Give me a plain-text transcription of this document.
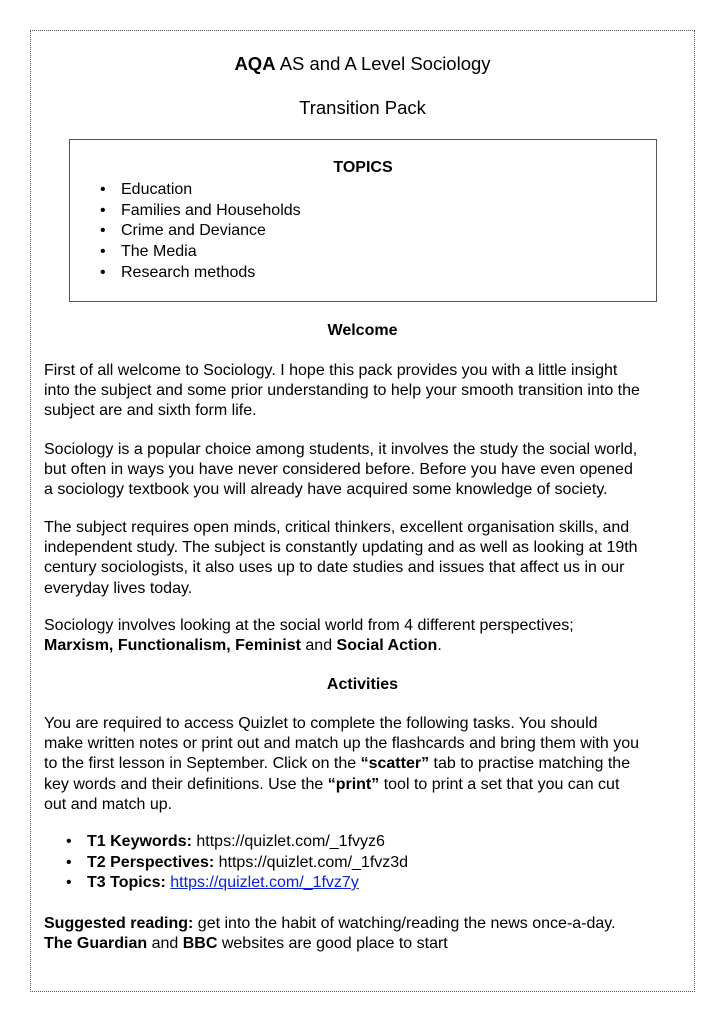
AQA AS and A Level Sociology
Transition Pack
TOPICS
• Education
• Families and Households
• Crime and Deviance
• The Media
• Research methods
Welcome

First of all welcome to Sociology. I hope this pack provides you with a little insight
into the subject and some prior understanding to help your smooth transition into the
subject are and sixth form life.

Sociology is a popular choice among students, it involves the study the social world,
but often in ways you have never considered before. Before you have even opened
a sociology textbook you will already have acquired some knowledge of society.

The subject requires open minds, critical thinkers, excellent organisation skills, and
independent study. The subject is constantly updating and as well as looking at 19th
century sociologists, it also uses up to date studies and issues that affect us in our
everyday lives today.

Sociology involves looking at the social world from 4 different perspectives;
Marxism, Functionalism, Feminist and Social Action.

Activities

You are required to access Quizlet to complete the following tasks. You should
make written notes or print out and match up the flashcards and bring them with you
to the first lesson in September. Click on the “scatter” tab to practise matching the
key words and their definitions. Use the “print” tool to print a set that you can cut
out and match up.

• T1 Keywords: https://quizlet.com/_1fvyz6
• T2 Perspectives: https://quizlet.com/_1fvz3d
• T3 Topics: https://quizlet.com/_1fvz7y

Suggested reading: get into the habit of watching/reading the news once-a-day.
The Guardian and BBC websites are good place to start
